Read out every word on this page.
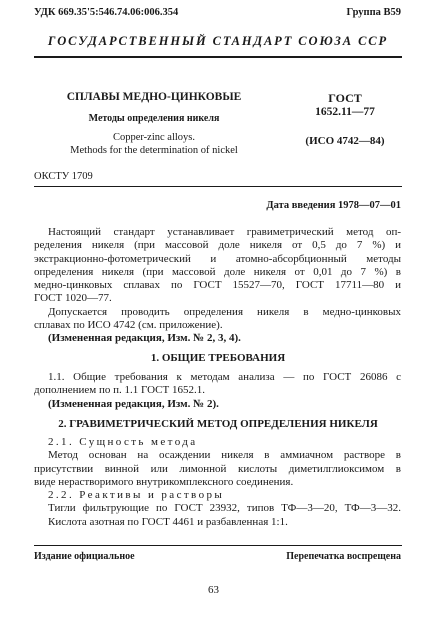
УДК 669.35'5:546.74.06:006.354	Группа В59
ГОСУДАРСТВЕННЫЙ СТАНДАРТ СОЮЗА ССР
СПЛАВЫ МЕДНО-ЦИНКОВЫЕ
Методы определения никеля
Copper-zinc alloys.
Methods for the determination of nickel
ГОСТ
1652.11—77
(ИСО 4742—84)
ОКСТУ 1709
Дата введения 1978—07—01
Настоящий стандарт устанавливает гравиметрический метод оп-
ределения никеля (при массовой доле никеля от 0,5 до 7 %) и
экстракционно-фотометрический и атомно-абсорбционный методы
определения никеля (при массовой доле никеля от 0,01 до 7 %) в
медно-цинковых сплавах по ГОСТ 15527—70, ГОСТ 17711—80 и
ГОСТ 1020—77.
Допускается проводить определения никеля в медно-цинковых
сплавах по ИСО 4742 (см. приложение).
(Измененная редакция, Изм. № 2, 3, 4).
1. ОБЩИЕ ТРЕБОВАНИЯ
1.1. Общие требования к методам анализа — по ГОСТ 26086 с
дополнением по п. 1.1 ГОСТ 1652.1.
(Измененная редакция, Изм. № 2).
2. ГРАВИМЕТРИЧЕСКИЙ МЕТОД ОПРЕДЕЛЕНИЯ НИКЕЛЯ
2.1. Сущность метода
Метод основан на осаждении никеля в аммиачном растворе в
присутствии винной или лимонной кислоты диметилглиоксимом в
виде нерастворимого внутрикомплексного соединения.
2.2. Реактивы и растворы
Тигли фильтрующие по ГОСТ 23932, типов ТФ—3—20, ТФ—3—32.
Кислота азотная по ГОСТ 4461 и разбавленная 1:1.
Издание официальное	Перепечатка воспрещена
63
